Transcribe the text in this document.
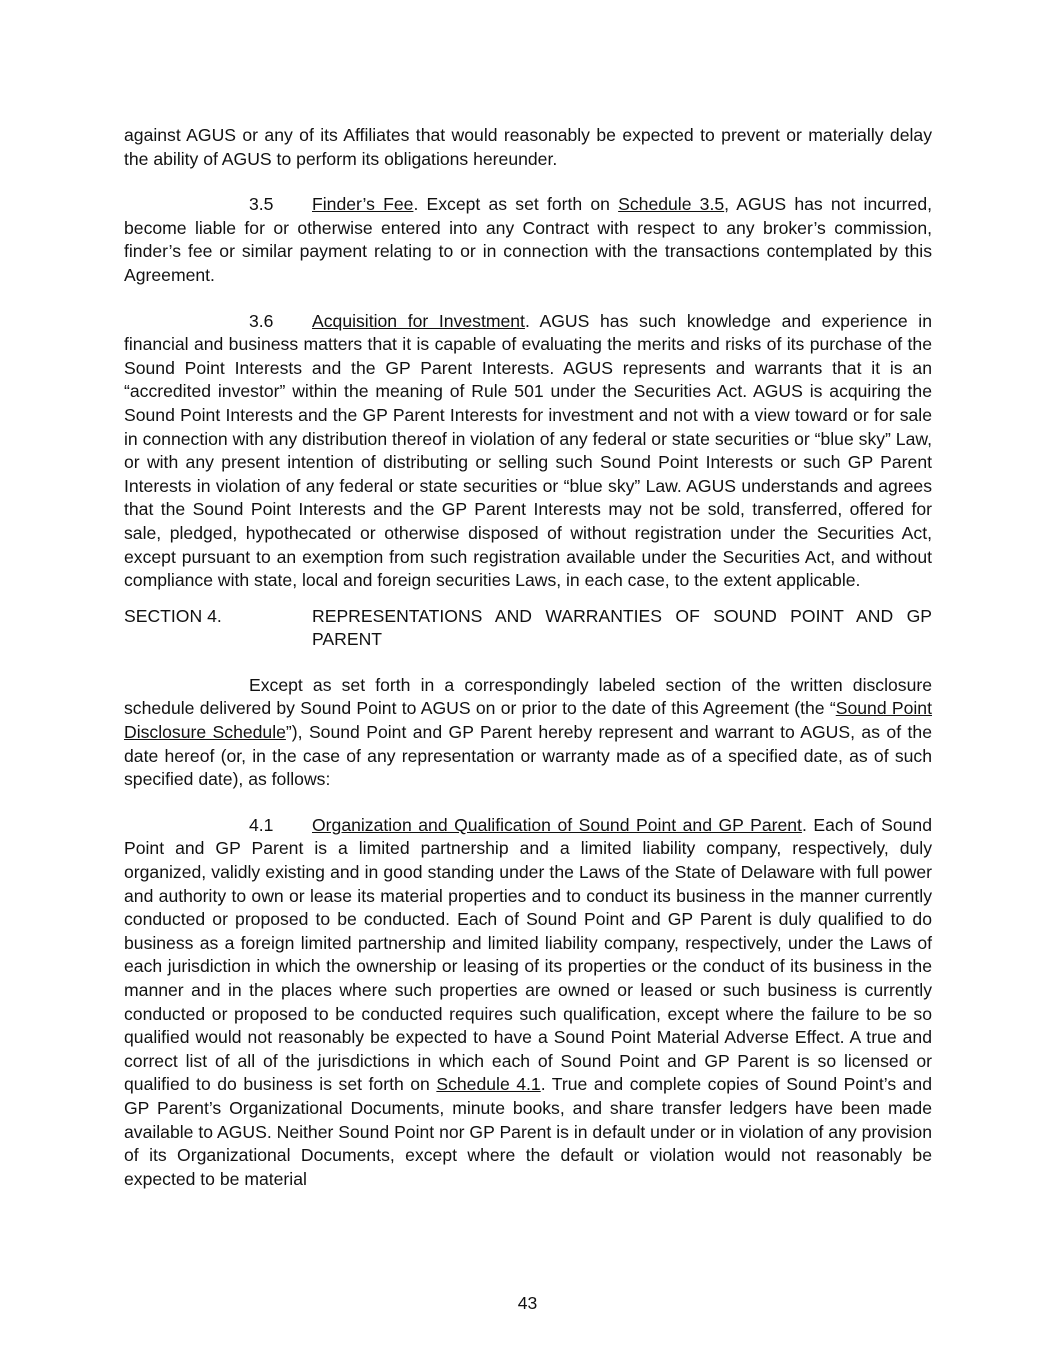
against AGUS or any of its Affiliates that would reasonably be expected to prevent or materially delay the ability of AGUS to perform its obligations hereunder.

3.5 Finder’s Fee. Except as set forth on Schedule 3.5, AGUS has not incurred, become liable for or otherwise entered into any Contract with respect to any broker’s commission, finder’s fee or similar payment relating to or in connection with the transactions contemplated by this Agreement.

3.6 Acquisition for Investment. AGUS has such knowledge and experience in financial and business matters that it is capable of evaluating the merits and risks of its purchase of the Sound Point Interests and the GP Parent Interests. AGUS represents and warrants that it is an “accredited investor” within the meaning of Rule 501 under the Securities Act. AGUS is acquiring the Sound Point Interests and the GP Parent Interests for investment and not with a view toward or for sale in connection with any distribution thereof in violation of any federal or state securities or “blue sky” Law, or with any present intention of distributing or selling such Sound Point Interests or such GP Parent Interests in violation of any federal or state securities or “blue sky” Law. AGUS understands and agrees that the Sound Point Interests and the GP Parent Interests may not be sold, transferred, offered for sale, pledged, hypothecated or otherwise disposed of without registration under the Securities Act, except pursuant to an exemption from such registration available under the Securities Act, and without compliance with state, local and foreign securities Laws, in each case, to the extent applicable.

SECTION 4.	REPRESENTATIONS AND WARRANTIES OF SOUND POINT AND GP PARENT

Except as set forth in a correspondingly labeled section of the written disclosure schedule delivered by Sound Point to AGUS on or prior to the date of this Agreement (the “Sound Point Disclosure Schedule”), Sound Point and GP Parent hereby represent and warrant to AGUS, as of the date hereof (or, in the case of any representation or warranty made as of a specified date, as of such specified date), as follows:

4.1 Organization and Qualification of Sound Point and GP Parent. Each of Sound Point and GP Parent is a limited partnership and a limited liability company, respectively, duly organized, validly existing and in good standing under the Laws of the State of Delaware with full power and authority to own or lease its material properties and to conduct its business in the manner currently conducted or proposed to be conducted. Each of Sound Point and GP Parent is duly qualified to do business as a foreign limited partnership and limited liability company, respectively, under the Laws of each jurisdiction in which the ownership or leasing of its properties or the conduct of its business in the manner and in the places where such properties are owned or leased or such business is currently conducted or proposed to be conducted requires such qualification, except where the failure to be so qualified would not reasonably be expected to have a Sound Point Material Adverse Effect. A true and correct list of all of the jurisdictions in which each of Sound Point and GP Parent is so licensed or qualified to do business is set forth on Schedule 4.1. True and complete copies of Sound Point’s and GP Parent’s Organizational Documents, minute books, and share transfer ledgers have been made available to AGUS. Neither Sound Point nor GP Parent is in default under or in violation of any provision of its Organizational Documents, except where the default or violation would not reasonably be expected to be material

43
